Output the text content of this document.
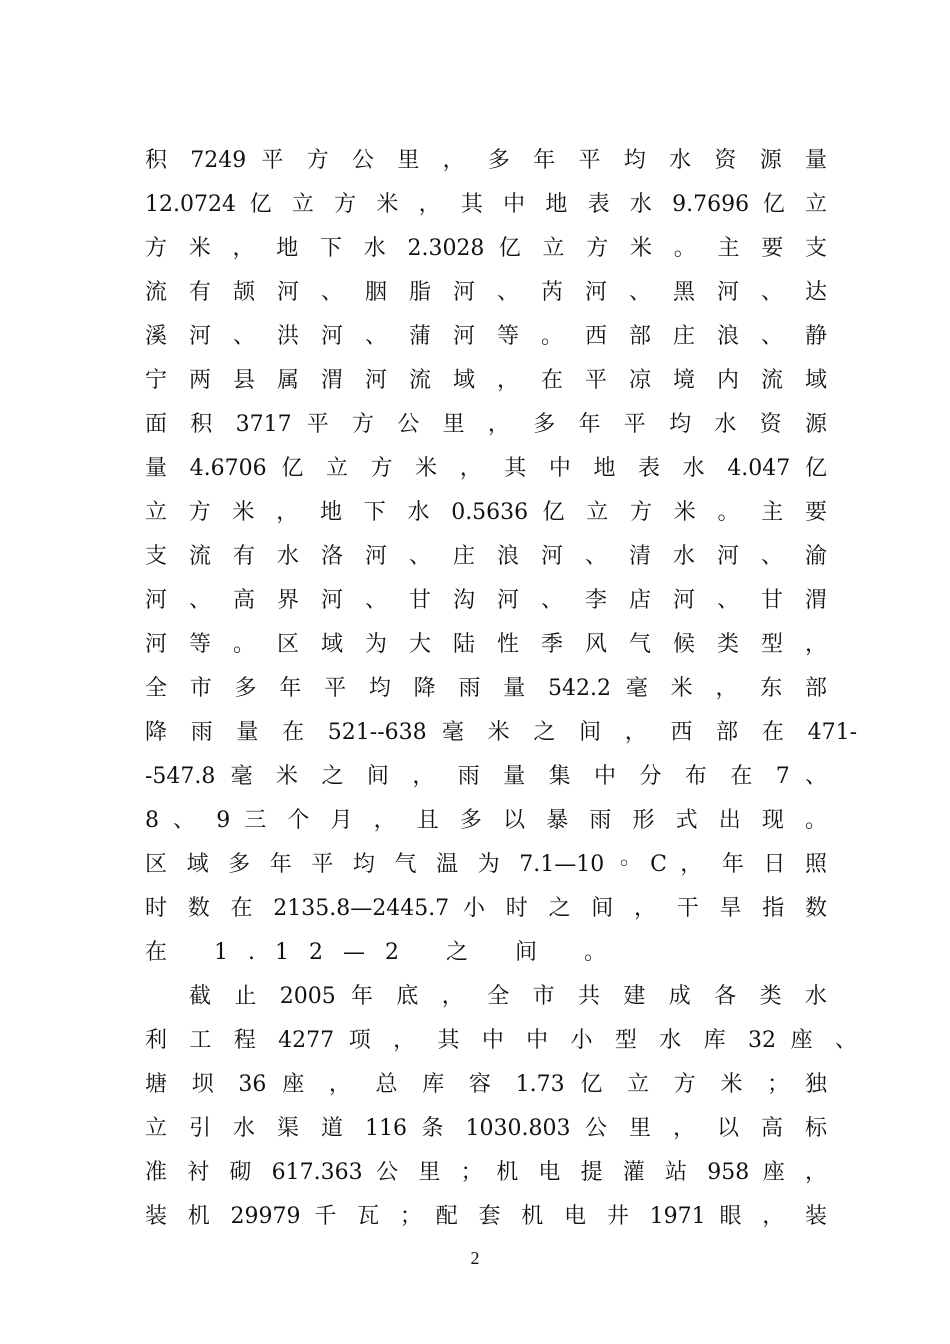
积 7249 平 方 公 里 ， 多 年 平 均 水 资 源 量
12.0724 亿 立 方 米 ， 其 中 地 表 水 9.7696 亿 立
方 米 ， 地 下 水 2.3028 亿 立 方 米 。 主 要 支
流 有 颉 河 、 胭 脂 河 、 芮 河 、 黑 河 、 达
溪 河 、 洪 河 、 蒲 河 等 。 西 部 庄 浪 、 静
宁 两 县 属 渭 河 流 域 ， 在 平 凉 境 内 流 域
面 积 3717 平 方 公 里 ， 多 年 平 均 水 资 源
量 4.6706 亿 立 方 米 ， 其 中 地 表 水 4.047 亿
立 方 米 ， 地 下 水 0.5636 亿 立 方 米 。 主 要
支 流 有 水 洛 河 、 庄 浪 河 、 清 水 河 、 渝
河 、 高 界 河 、 甘 沟 河 、 李 店 河 、 甘 渭
河 等 。 区 域 为 大 陆 性 季 风 气 候 类 型 ，
全 市 多 年 平 均 降 雨 量 542.2 毫 米 ， 东 部
降 雨 量 在 521--638 毫 米 之 间 ， 西 部 在 471-
-547.8 毫 米 之 间 ， 雨 量 集 中 分 布 在 7 、
8 、 9 三 个 月 ， 且 多 以 暴 雨 形 式 出 现 。
区 域 多 年 平 均 气 温 为 7.1—10 ◦ C ， 年 日 照
时 数 在 2135.8—2445.7 小 时 之 间 ， 干 旱 指 数
在 1.12—2 之 间 。
截 止 2005 年 底 ， 全 市 共 建 成 各 类 水
利 工 程 4277 项 ， 其 中 中 小 型 水 库 32 座 、
塘 坝 36 座 ， 总 库 容 1.73 亿 立 方 米 ； 独
立 引 水 渠 道 116 条 1030.803 公 里 ， 以 高 标
准 衬 砌 617.363 公 里 ； 机 电 提 灌 站 958 座 ，
装 机 29979 千 瓦 ； 配 套 机 电 井 1971 眼 ， 装
2
